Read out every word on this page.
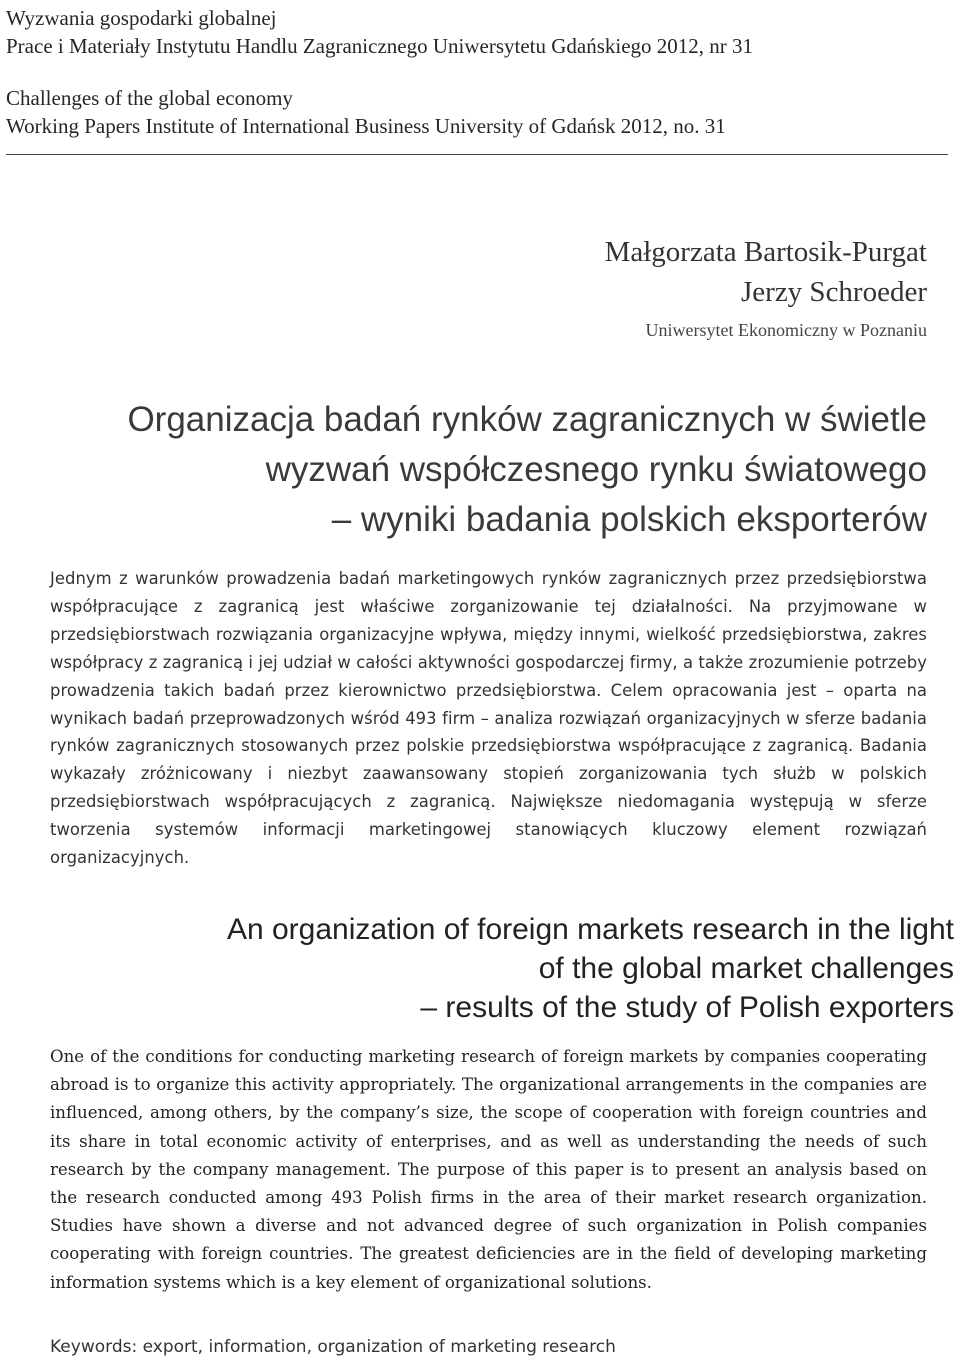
Wyzwania gospodarki globalnej

Prace i Materiały Instytutu Handlu Zagranicznego Uniwersytetu Gdańskiego 2012, nr 31

Challenges of the global economy

Working Papers Institute of International Business University of Gdańsk 2012, no. 31

Małgorzata Bartosik-Purgat
Jerzy Schroeder
Uniwersytet Ekonomiczny w Poznaniu
Organizacja badań rynków zagranicznych w świetle
wyzwań współczesnego rynku światowego
– wyniki badania polskich eksporterów

Jednym z warunków prowadzenia badań marketingowych rynków zagranicznych przez przedsiębiorstwa współpracujące z zagranicą jest właściwe zorganizowanie tej działalności. Na przyjmowane w przedsiębiorstwach rozwiązania organizacyjne wpływa, między innymi, wielkość przedsiębiorstwa, zakres współpracy z zagranicą i jej udział w całości aktywności gospodarczej firmy, a także zrozumienie potrzeby prowadzenia takich badań przez kierownictwo przedsiębiorstwa. Celem opracowania jest – oparta na wynikach badań przeprowadzonych wśród 493 firm – analiza rozwiązań organizacyjnych w sferze badania rynków zagranicznych stosowanych przez polskie przedsiębiorstwa współpracujące z zagranicą. Badania wykazały zróżnicowany i niezbyt zaawansowany stopień zorganizowania tych służb w polskich przedsiębiorstwach współpracujących z zagranicą. Największe niedomagania występują w sferze tworzenia systemów informacji marketingowej stanowiących kluczowy element rozwiązań organizacyjnych.

An organization of foreign markets research in the light
of the global market challenges
– results of the study of Polish exporters

One of the conditions for conducting marketing research of foreign markets by companies cooperating abroad is to organize this activity appropriately. The organizational arrangements in the companies are influenced, among others, by the company’s size, the scope of cooperation with foreign countries and its share in total economic activity of enterprises, and as well as understanding the needs of such research by the company management. The purpose of this paper is to present an analysis based on the research conducted among 493 Polish firms in the area of their market research organization. Studies have shown a diverse and not advanced degree of such organization in Polish companies cooperating with foreign countries. The greatest deficiencies are in the field of developing marketing information systems which is a key element of organizational solutions.

Keywords: export, information, organization of marketing research
